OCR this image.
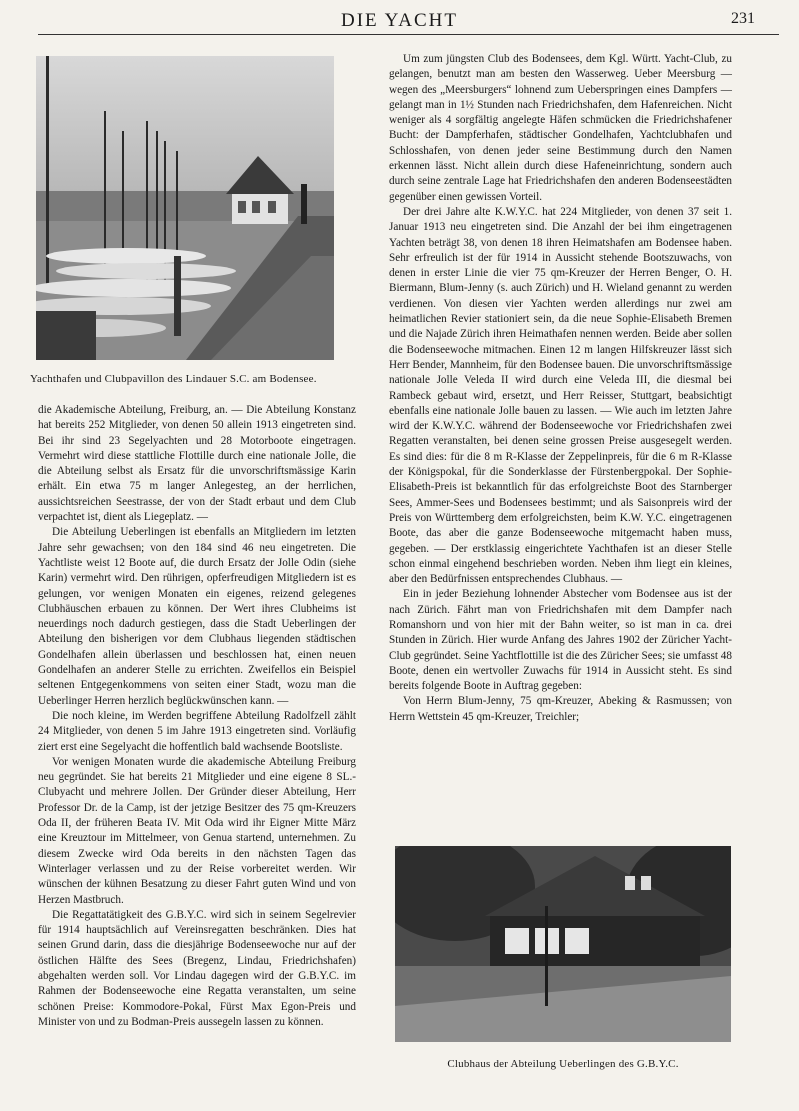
DIE YACHT	231
Yachthafen und Clubpavillon des Lindauer S.C. am Bodensee.

die Akademische Abteilung, Freiburg, an. — Die Abteilung Konstanz hat bereits 252 Mitglieder, von denen 50 allein 1913 eingetreten sind. Bei ihr sind 23 Segelyachten und 28 Motorboote eingetragen. Vermehrt wird diese stattliche Flottille durch eine nationale Jolle, die die Abteilung selbst als Ersatz für die unvorschriftsmässige Karin erhält. Ein etwa 75 m langer Anlegesteg, an der herrlichen, aussichtsreichen Seestrasse, der von der Stadt erbaut und dem Club verpachtet ist, dient als Liegeplatz. —

Die Abteilung Ueberlingen ist ebenfalls an Mitgliedern im letzten Jahre sehr gewachsen; von den 184 sind 46 neu eingetreten. Die Yachtliste weist 12 Boote auf, die durch Ersatz der Jolle Odin (siehe Karin) vermehrt wird. Den rührigen, opferfreudigen Mitgliedern ist es gelungen, vor wenigen Monaten ein eigenes, reizend gelegenes Clubhäuschen erbauen zu können. Der Wert ihres Clubheims ist neuerdings noch dadurch gestiegen, dass die Stadt Ueberlingen der Abteilung den bisherigen vor dem Clubhaus liegenden städtischen Gondelhafen allein überlassen und beschlossen hat, einen neuen Gondelhafen an anderer Stelle zu errichten. Zweifellos ein Beispiel seltenen Entgegenkommens von seiten einer Stadt, wozu man die Ueberlinger Herren herzlich beglückwünschen kann. —

Die noch kleine, im Werden begriffene Abteilung Radolfzell zählt 24 Mitglieder, von denen 5 im Jahre 1913 eingetreten sind. Vorläufig ziert erst eine Segelyacht die hoffentlich bald wachsende Bootsliste.

Vor wenigen Monaten wurde die akademische Abteilung Freiburg neu gegründet. Sie hat bereits 21 Mitglieder und eine eigene 8 SL.-Clubyacht und mehrere Jollen. Der Gründer dieser Abteilung, Herr Professor Dr. de la Camp, ist der jetzige Besitzer des 75 qm-Kreuzers Oda II, der früheren Beata IV. Mit Oda wird ihr Eigner Mitte März eine Kreuztour im Mittelmeer, von Genua startend, unternehmen. Zu diesem Zwecke wird Oda bereits in den nächsten Tagen das Winterlager verlassen und zu der Reise vorbereitet werden. Wir wünschen der kühnen Besatzung zu dieser Fahrt guten Wind und von Herzen Mastbruch.

Die Regattatätigkeit des G.B.Y.C. wird sich in seinem Segelrevier für 1914 hauptsächlich auf Vereinsregatten beschränken. Dies hat seinen Grund darin, dass die diesjährige Bodenseewoche nur auf der östlichen Hälfte des Sees (Bregenz, Lindau, Friedrichshafen) abgehalten werden soll. Vor Lindau dagegen wird der G.B.Y.C. im Rahmen der Bodenseewoche eine Regatta veranstalten, um seine schönen Preise: Kommodore-Pokal, Fürst Max Egon-Preis und Minister von und zu Bodman-Preis aussegeln lassen zu können.

Um zum jüngsten Club des Bodensees, dem Kgl. Württ. Yacht-Club, zu gelangen, benutzt man am besten den Wasserweg. Ueber Meersburg — wegen des „Meersburgers“ lohnend zum Ueberspringen eines Dampfers — gelangt man in 1½ Stunden nach Friedrichshafen, dem Hafenreichen. Nicht weniger als 4 sorgfältig angelegte Häfen schmücken die Friedrichshafener Bucht: der Dampferhafen, städtischer Gondelhafen, Yachtclubhafen und Schlosshafen, von denen jeder seine Bestimmung durch den Namen erkennen lässt. Nicht allein durch diese Hafeneinrichtung, sondern auch durch seine zentrale Lage hat Friedrichshafen den anderen Bodenseestädten gegenüber einen gewissen Vorteil.

Der drei Jahre alte K.W.Y.C. hat 224 Mitglieder, von denen 37 seit 1. Januar 1913 neu eingetreten sind. Die Anzahl der bei ihm eingetragenen Yachten beträgt 38, von denen 18 ihren Heimatshafen am Bodensee haben. Sehr erfreulich ist der für 1914 in Aussicht stehende Bootszuwachs, von denen in erster Linie die vier 75 qm-Kreuzer der Herren Benger, O. H. Biermann, Blum-Jenny (s. auch Zürich) und H. Wieland genannt zu werden verdienen. Von diesen vier Yachten werden allerdings nur zwei am heimatlichen Revier stationiert sein, da die neue Sophie-Elisabeth Bremen und die Najade Zürich ihren Heimathafen nennen werden. Beide aber sollen die Bodenseewoche mitmachen. Einen 12 m langen Hilfskreuzer lässt sich Herr Bender, Mannheim, für den Bodensee bauen. Die unvorschriftsmässige nationale Jolle Veleda II wird durch eine Veleda III, die diesmal bei Rambeck gebaut wird, ersetzt, und Herr Reisser, Stuttgart, beabsichtigt ebenfalls eine nationale Jolle bauen zu lassen. — Wie auch im letzten Jahre wird der K.W.Y.C. während der Bodenseewoche vor Friedrichshafen zwei Regatten veranstalten, bei denen seine grossen Preise ausgesegelt werden. Es sind dies: für die 8 m R-Klasse der Zeppelinpreis, für die 6 m R-Klasse der Königspokal, für die Sonderklasse der Fürstenbergpokal. Der Sophie-Elisabeth-Preis ist bekanntlich für das erfolgreichste Boot des Starnberger Sees, Ammer-Sees und Bodensees bestimmt; und als Saisonpreis wird der Preis von Württemberg dem erfolgreichsten, beim K.W. Y.C. eingetragenen Boote, das aber die ganze Bodenseewoche mitgemacht haben muss, gegeben. — Der erstklassig eingerichtete Yachthafen ist an dieser Stelle schon einmal eingehend beschrieben worden. Neben ihm liegt ein kleines, aber den Bedürfnissen entsprechendes Clubhaus. —

Ein in jeder Beziehung lohnender Abstecher vom Bodensee aus ist der nach Zürich. Fährt man von Friedrichshafen mit dem Dampfer nach Romanshorn und von hier mit der Bahn weiter, so ist man in ca. drei Stunden in Zürich. Hier wurde Anfang des Jahres 1902 der Züricher Yacht-Club gegründet. Seine Yachtflottille ist die des Züricher Sees; sie umfasst 48 Boote, denen ein wertvoller Zuwachs für 1914 in Aussicht steht. Es sind bereits folgende Boote in Auftrag gegeben:

Von Herrn Blum-Jenny, 75 qm-Kreuzer, Abeking & Rasmussen; von Herrn Wettstein 45 qm-Kreuzer, Treichler;

Clubhaus der Abteilung Ueberlingen des G.B.Y.C.
